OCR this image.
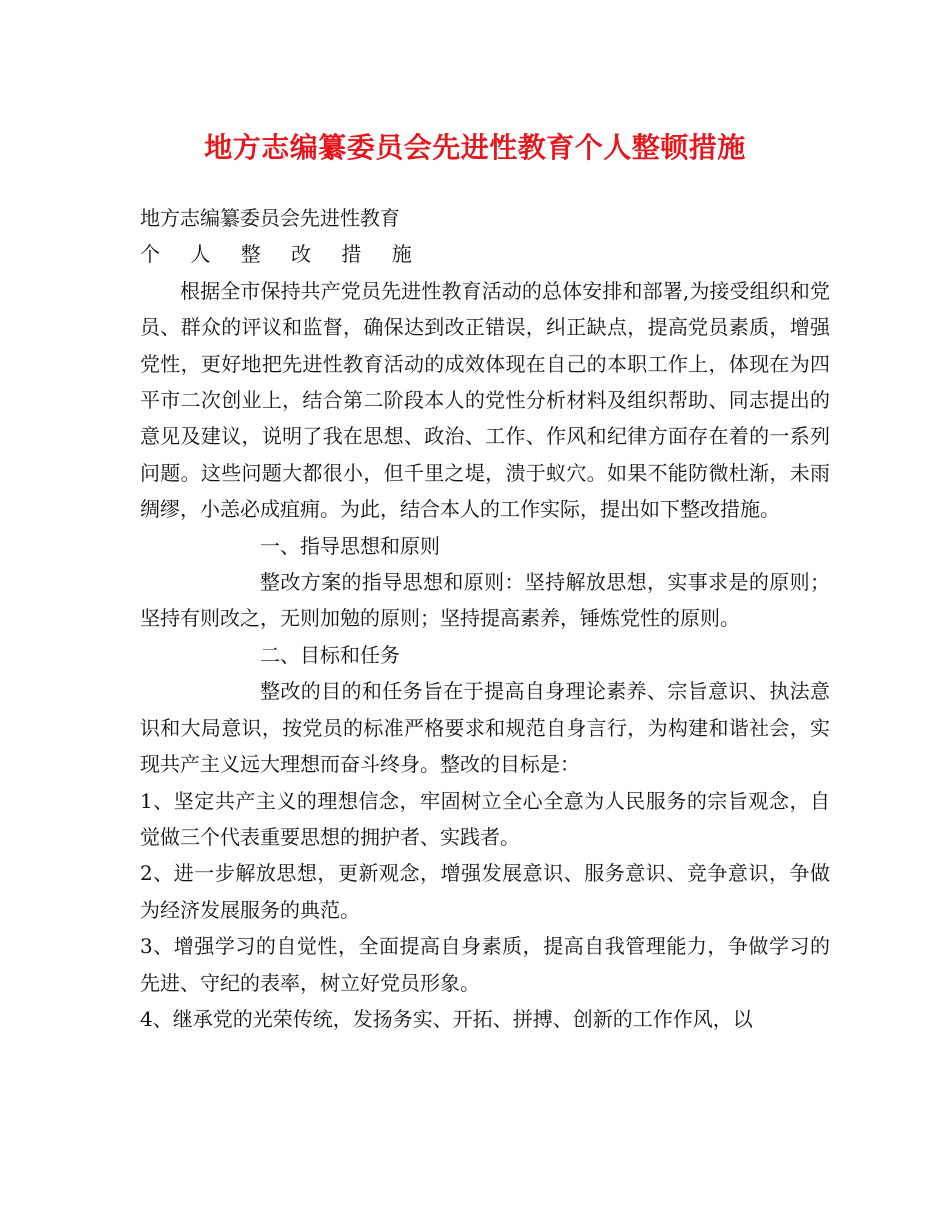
地方志编纂委员会先进性教育个人整顿措施

地方志编纂委员会先进性教育

个 人 整 改 措 施

根据全市保持共产党员先进性教育活动的总体安排和部署,为接受组织和党员、群众的评议和监督，确保达到改正错误，纠正缺点，提高党员素质，增强党性，更好地把先进性教育活动的成效体现在自己的本职工作上，体现在为四平市二次创业上，结合第二阶段本人的党性分析材料及组织帮助、同志提出的意见及建议，说明了我在思想、政治、工作、作风和纪律方面存在着的一系列问题。这些问题大都很小，但千里之堤，溃于蚁穴。如果不能防微杜渐，未雨绸缪，小恙必成疽痈。为此，结合本人的工作实际，提出如下整改措施。

一、指导思想和原则

整改方案的指导思想和原则：坚持解放思想，实事求是的原则；坚持有则改之，无则加勉的原则；坚持提高素养，锤炼党性的原则。

二、目标和任务

整改的目的和任务旨在于提高自身理论素养、宗旨意识、执法意识和大局意识，按党员的标准严格要求和规范自身言行，为构建和谐社会，实现共产主义远大理想而奋斗终身。整改的目标是：

1、坚定共产主义的理想信念，牢固树立全心全意为人民服务的宗旨观念，自觉做三个代表重要思想的拥护者、实践者。

2、进一步解放思想，更新观念，增强发展意识、服务意识、竞争意识，争做为经济发展服务的典范。

3、增强学习的自觉性，全面提高自身素质，提高自我管理能力，争做学习的先进、守纪的表率，树立好党员形象。

4、继承党的光荣传统，发扬务实、开拓、拼搏、创新的工作作风，以
